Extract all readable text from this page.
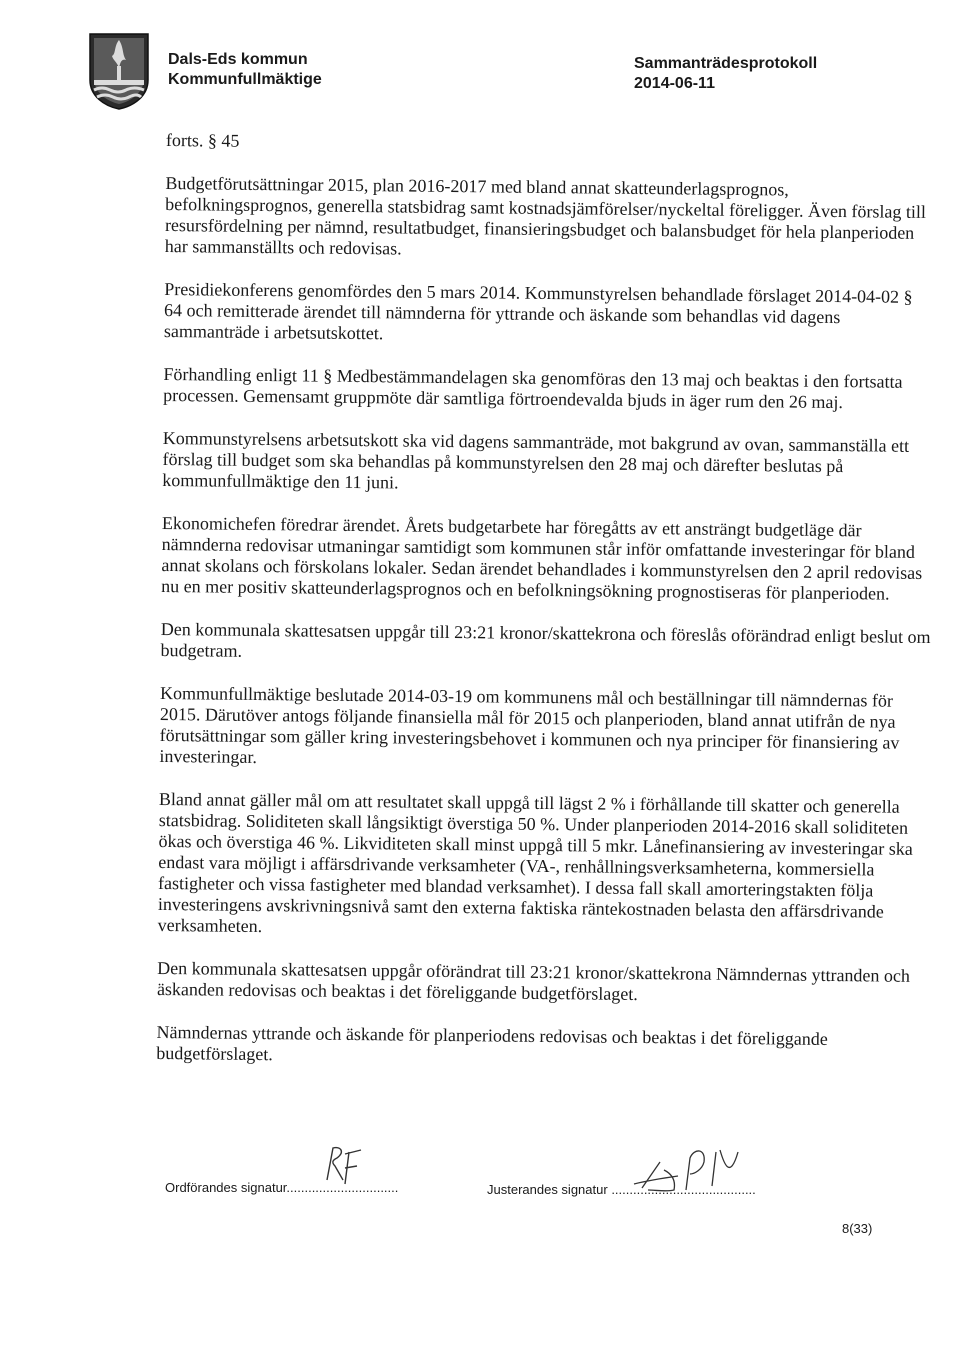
Dals-Eds kommun
Kommunfullmäktige
Sammanträdesprotokoll
2014-06-11

forts. § 45

Budgetförutsättningar 2015, plan 2016-2017 med bland annat skatteunderlagsprognos, befolkningsprognos, generella statsbidrag samt kostnadsjämförelser/nyckeltal föreligger. Även förslag till resursfördelning per nämnd, resultatbudget, finansieringsbudget och balansbudget för hela planperioden har sammanställts och redovisas.

Presidiekonferens genomfördes den 5 mars 2014. Kommunstyrelsen behandlade förslaget 2014-04-02 § 64 och remitterade ärendet till nämnderna för yttrande och äskande som behandlas vid dagens sammanträde i arbetsutskottet.

Förhandling enligt 11 § Medbestämmandelagen ska genomföras den 13 maj och beaktas i den fortsatta processen. Gemensamt gruppmöte där samtliga förtroendevalda bjuds in äger rum den 26 maj.

Kommunstyrelsens arbetsutskott ska vid dagens sammanträde, mot bakgrund av ovan, sammanställa ett förslag till budget som ska behandlas på kommunstyrelsen den 28 maj och därefter beslutas på kommunfullmäktige den 11 juni.

Ekonomichefen föredrar ärendet. Årets budgetarbete har föregåtts av ett ansträngt budgetläge där nämnderna redovisar utmaningar samtidigt som kommunen står inför omfattande investeringar för bland annat skolans och förskolans lokaler. Sedan ärendet behandlades i kommunstyrelsen den 2 april redovisas nu en mer positiv skatteunderlagsprognos och en befolkningsökning prognostiseras för planperioden.

Den kommunala skattesatsen uppgår till 23:21 kronor/skattekrona och föreslås oförändrad enligt beslut om budgetram.

Kommunfullmäktige beslutade 2014-03-19 om kommunens mål och beställningar till nämndernas för 2015. Därutöver antogs följande finansiella mål för 2015 och planperioden, bland annat utifrån de nya förutsättningar som gäller kring investeringsbehovet i kommunen och nya principer för finansiering av investeringar.

Bland annat gäller mål om att resultatet skall uppgå till lägst 2 % i förhållande till skatter och generella statsbidrag. Soliditeten skall långsiktigt överstiga 50 %. Under planperioden 2014-2016 skall soliditeten ökas och överstiga 46 %. Likviditeten skall minst uppgå till 5 mkr. Lånefinansiering av investeringar ska endast vara möjligt i affärsdrivande verksamheter (VA-, renhållningsverksamheterna, kommersiella fastigheter och vissa fastigheter med blandad verksamhet). I dessa fall skall amorteringstakten följa investeringens avskrivningsnivå samt den externa faktiska räntekostnaden belasta den affärsdrivande verksamheten.

Den kommunala skattesatsen uppgår oförändrat till 23:21 kronor/skattekrona Nämndernas yttranden och äskanden redovisas och beaktas i det föreliggande budgetförslaget.

Nämndernas yttrande och äskande för planperiodens redovisas och beaktas i det föreliggande budgetförslaget.

Ordförandes signatur...............................	Justerandes signatur ........................................
8(33)
